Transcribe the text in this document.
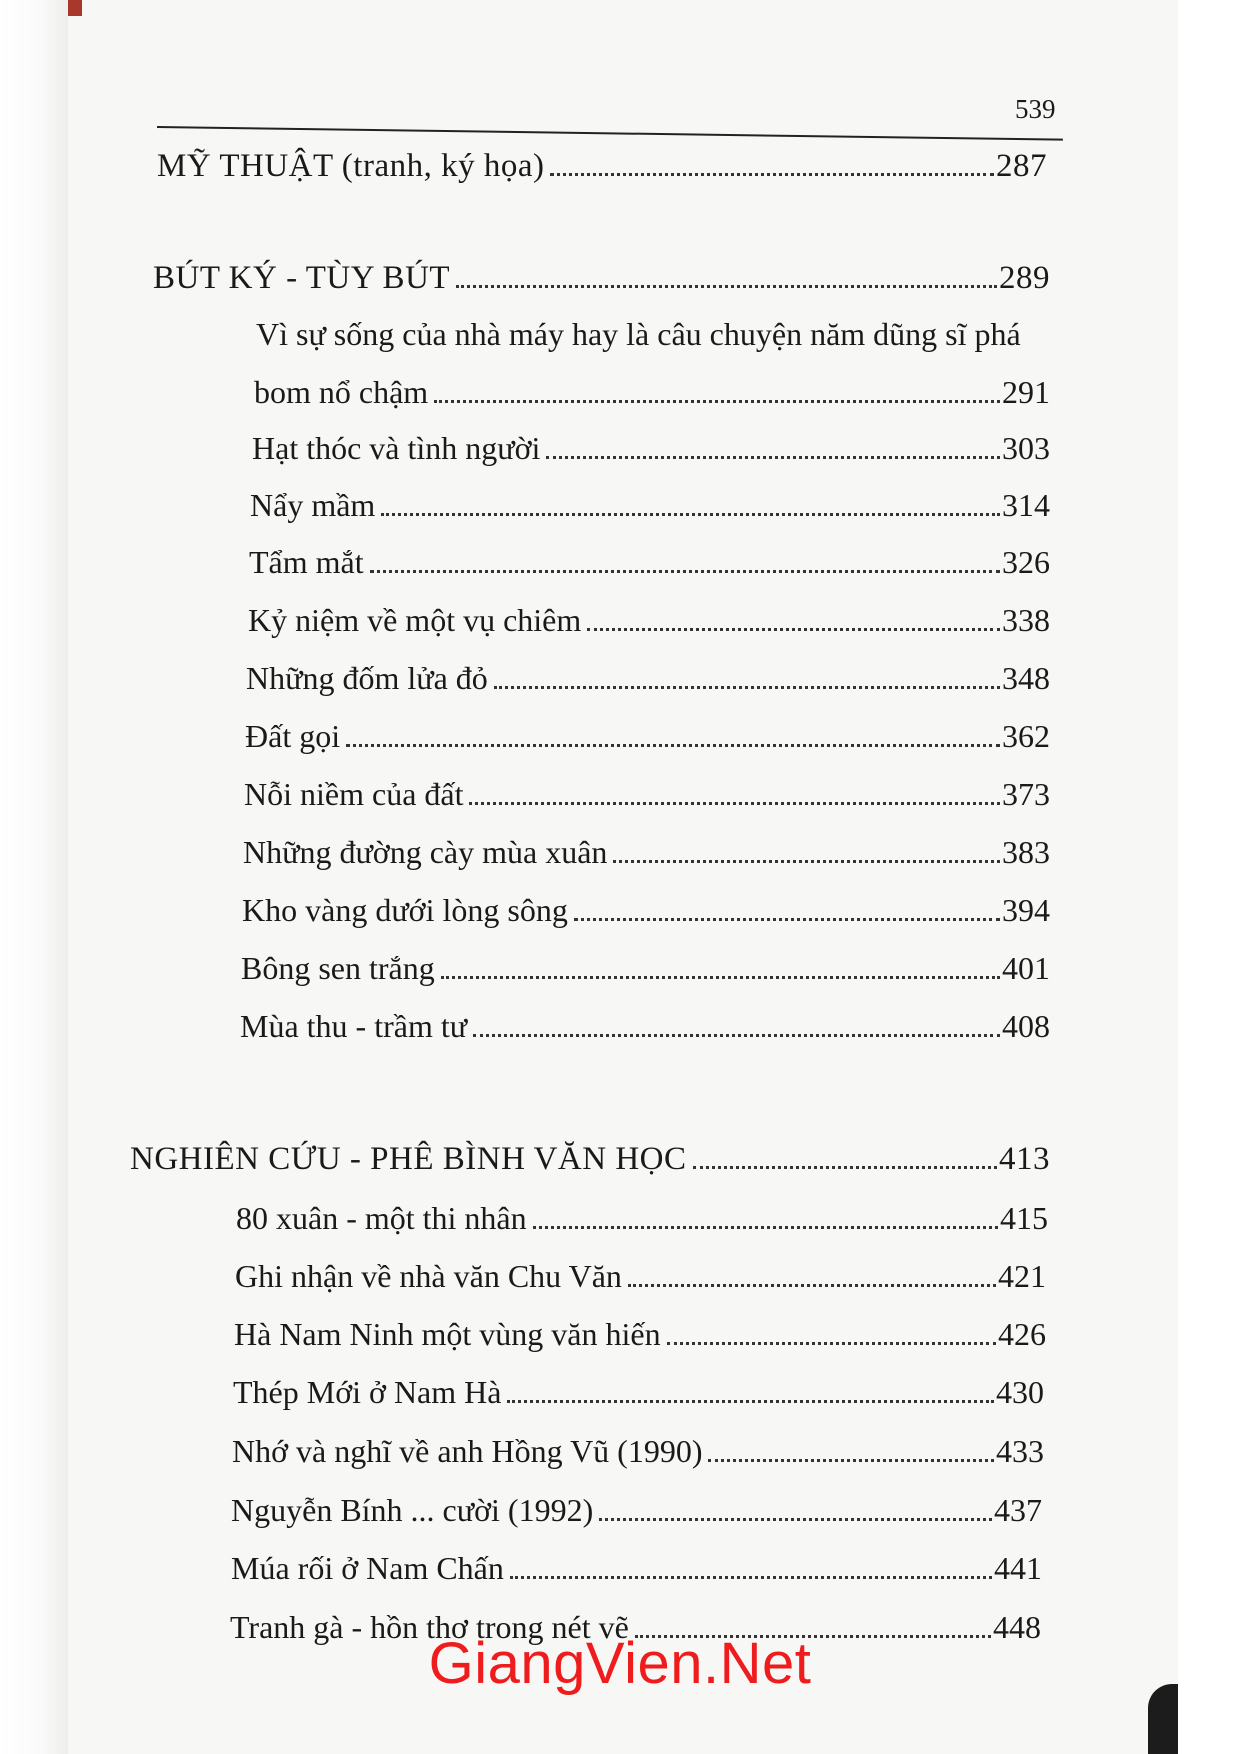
539
MỸ THUẬT (tranh, ký họa)	287
BÚT KÝ - TÙY BÚT	289
Vì sự sống của nhà máy hay là câu chuyện năm dũng sĩ phá
bom nổ chậm	291
Hạt thóc và tình người	303
Nẩy mầm	314
Tẩm mắt	326
Kỷ niệm về một vụ chiêm	338
Những đốm lửa đỏ	348
Đất gọi	362
Nỗi niềm của đất	373
Những đường cày mùa xuân	383
Kho vàng dưới lòng sông	394
Bông sen trắng	401
Mùa thu - trầm tư	408
NGHIÊN CỨU - PHÊ BÌNH VĂN HỌC	413
80 xuân - một thi nhân	415
Ghi nhận về nhà văn Chu Văn	421
Hà Nam Ninh một vùng văn hiến	426
Thép Mới ở Nam Hà	430
Nhớ và nghĩ về anh Hồng Vũ (1990)	433
Nguyễn Bính ... cười (1992)	437
Múa rối ở Nam Chấn	441
Tranh gà - hồn thơ trong nét vẽ	448
GiangVien.Net
